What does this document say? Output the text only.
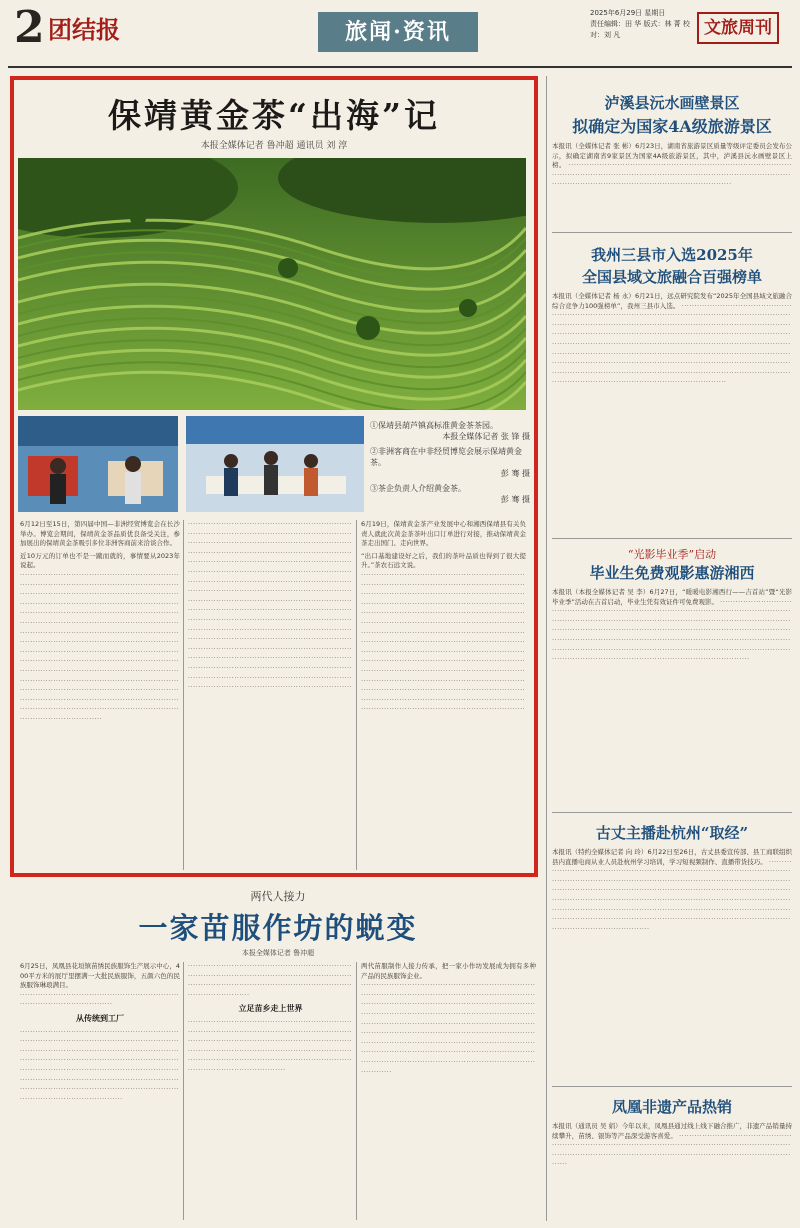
2 团结报	旅闻·资讯
2025年6月29日 星期日
责任编辑：田 华 版式：林 菁 校对：刘 凡	文旅周刊
保靖黄金茶“出海”记
本报全媒体记者 鲁冲超 通讯员 刘 淳
①保靖县葫芦镇高标准黄金茶茶园。
本报全媒体记者 张 锋 摄
②非洲客商在中非经贸博览会展示保靖黄金茶。
彭 骞 摄
③茶企负责人介绍黄金茶。
彭 骞 摄

6月12日至15日，第四届中国—非洲经贸博览会在长沙举办。博览会期间，保靖黄金茶品质优良备受关注，参加展出的保靖黄金茶吸引多位非洲客商前来洽谈合作。

近10万元的订单也不是一蹴而就的，事情要从2023年说起。

··································································································································································································································································································································································································································································································································································································································································································································································································································································································································································································

································································································································································································································································································································································································································································································································································································································································································································································································································································································································································································································································································································································································

6月19日，保靖黄金茶产业发展中心和湘西保靖县有关负责人就此次黄金茶茶叶出口订单进行对接，推动保靖黄金茶走出国门、走向世界。

“出口基地建设好之后，我们的茶叶品质也得到了很大提升。”茶农石远文说。

································································································································································································································································································································································································································································································································································································································································································································································································································································································································································································

两代人接力
一家苗服作坊的蜕变
本报全媒体记者 鲁冲超

6月25日，凤凰县花垣镇苗绣民族服饰生产展示中心，400平方米的展厅里摆满一大批民族服饰，五颜六色的民族服饰琳琅满目。

··································································································

从传统到工厂

··························································································································································································································································································································································································································································································

························································································································································································································

立足苗乡走上世界

······································································································································································································································································································································································

两代苗服制作人接力传承，把一家小作坊发展成为拥有多种产品的民族服饰企业。

················································································································································································································································································································································································································································································································································································································································

泸溪县沅水画壁景区
拟确定为国家4A级旅游景区
本报讯（全媒体记者 张 彬）6月23日，湖南省旅游景区质量等级评定委员会发布公示，拟确定湖南省9家景区为国家4A级旅游景区，其中，泸溪县沅水画壁景区上榜。 ··························································································································································································································································
我州三县市入选2025年
全国县域文旅融合百强榜单
本报讯（全媒体记者 杨 永）6月21日，远点研究院发布“2025年全国县域文旅融合综合竞争力100强榜单”，我州三县市入选。 ··························································································································································································································································································································································································································································································································································································································································································································································································
“光影毕业季”启动
毕业生免费观影惠游湘西
本报讯（本报全媒体记者 吴 李）6月27日，“暖暖电影湘西行——吉首站”暨“光影毕业季”活动在吉首启动，毕业生凭有效证件可免费观影。 ··························································································································································································································································································································································································································································································································································································
古丈主播赴杭州“取经”
本报讯（特约全媒体记者 向 玲）6月22日至26日，古丈县委宣传部、县工商联组织县内直播电商从业人员赴杭州学习培训，学习短视频制作、直播带货技巧。 ·····························································································································································································································································································································································································································································································································································································································
凤凰非遗产品热销
本报讯（通讯员 吴 娟）今年以来，凤凰县通过线上线下融合推广，非遗产品销量持续攀升，苗绣、银饰等产品深受游客喜爱。 ············································································································································································································································
